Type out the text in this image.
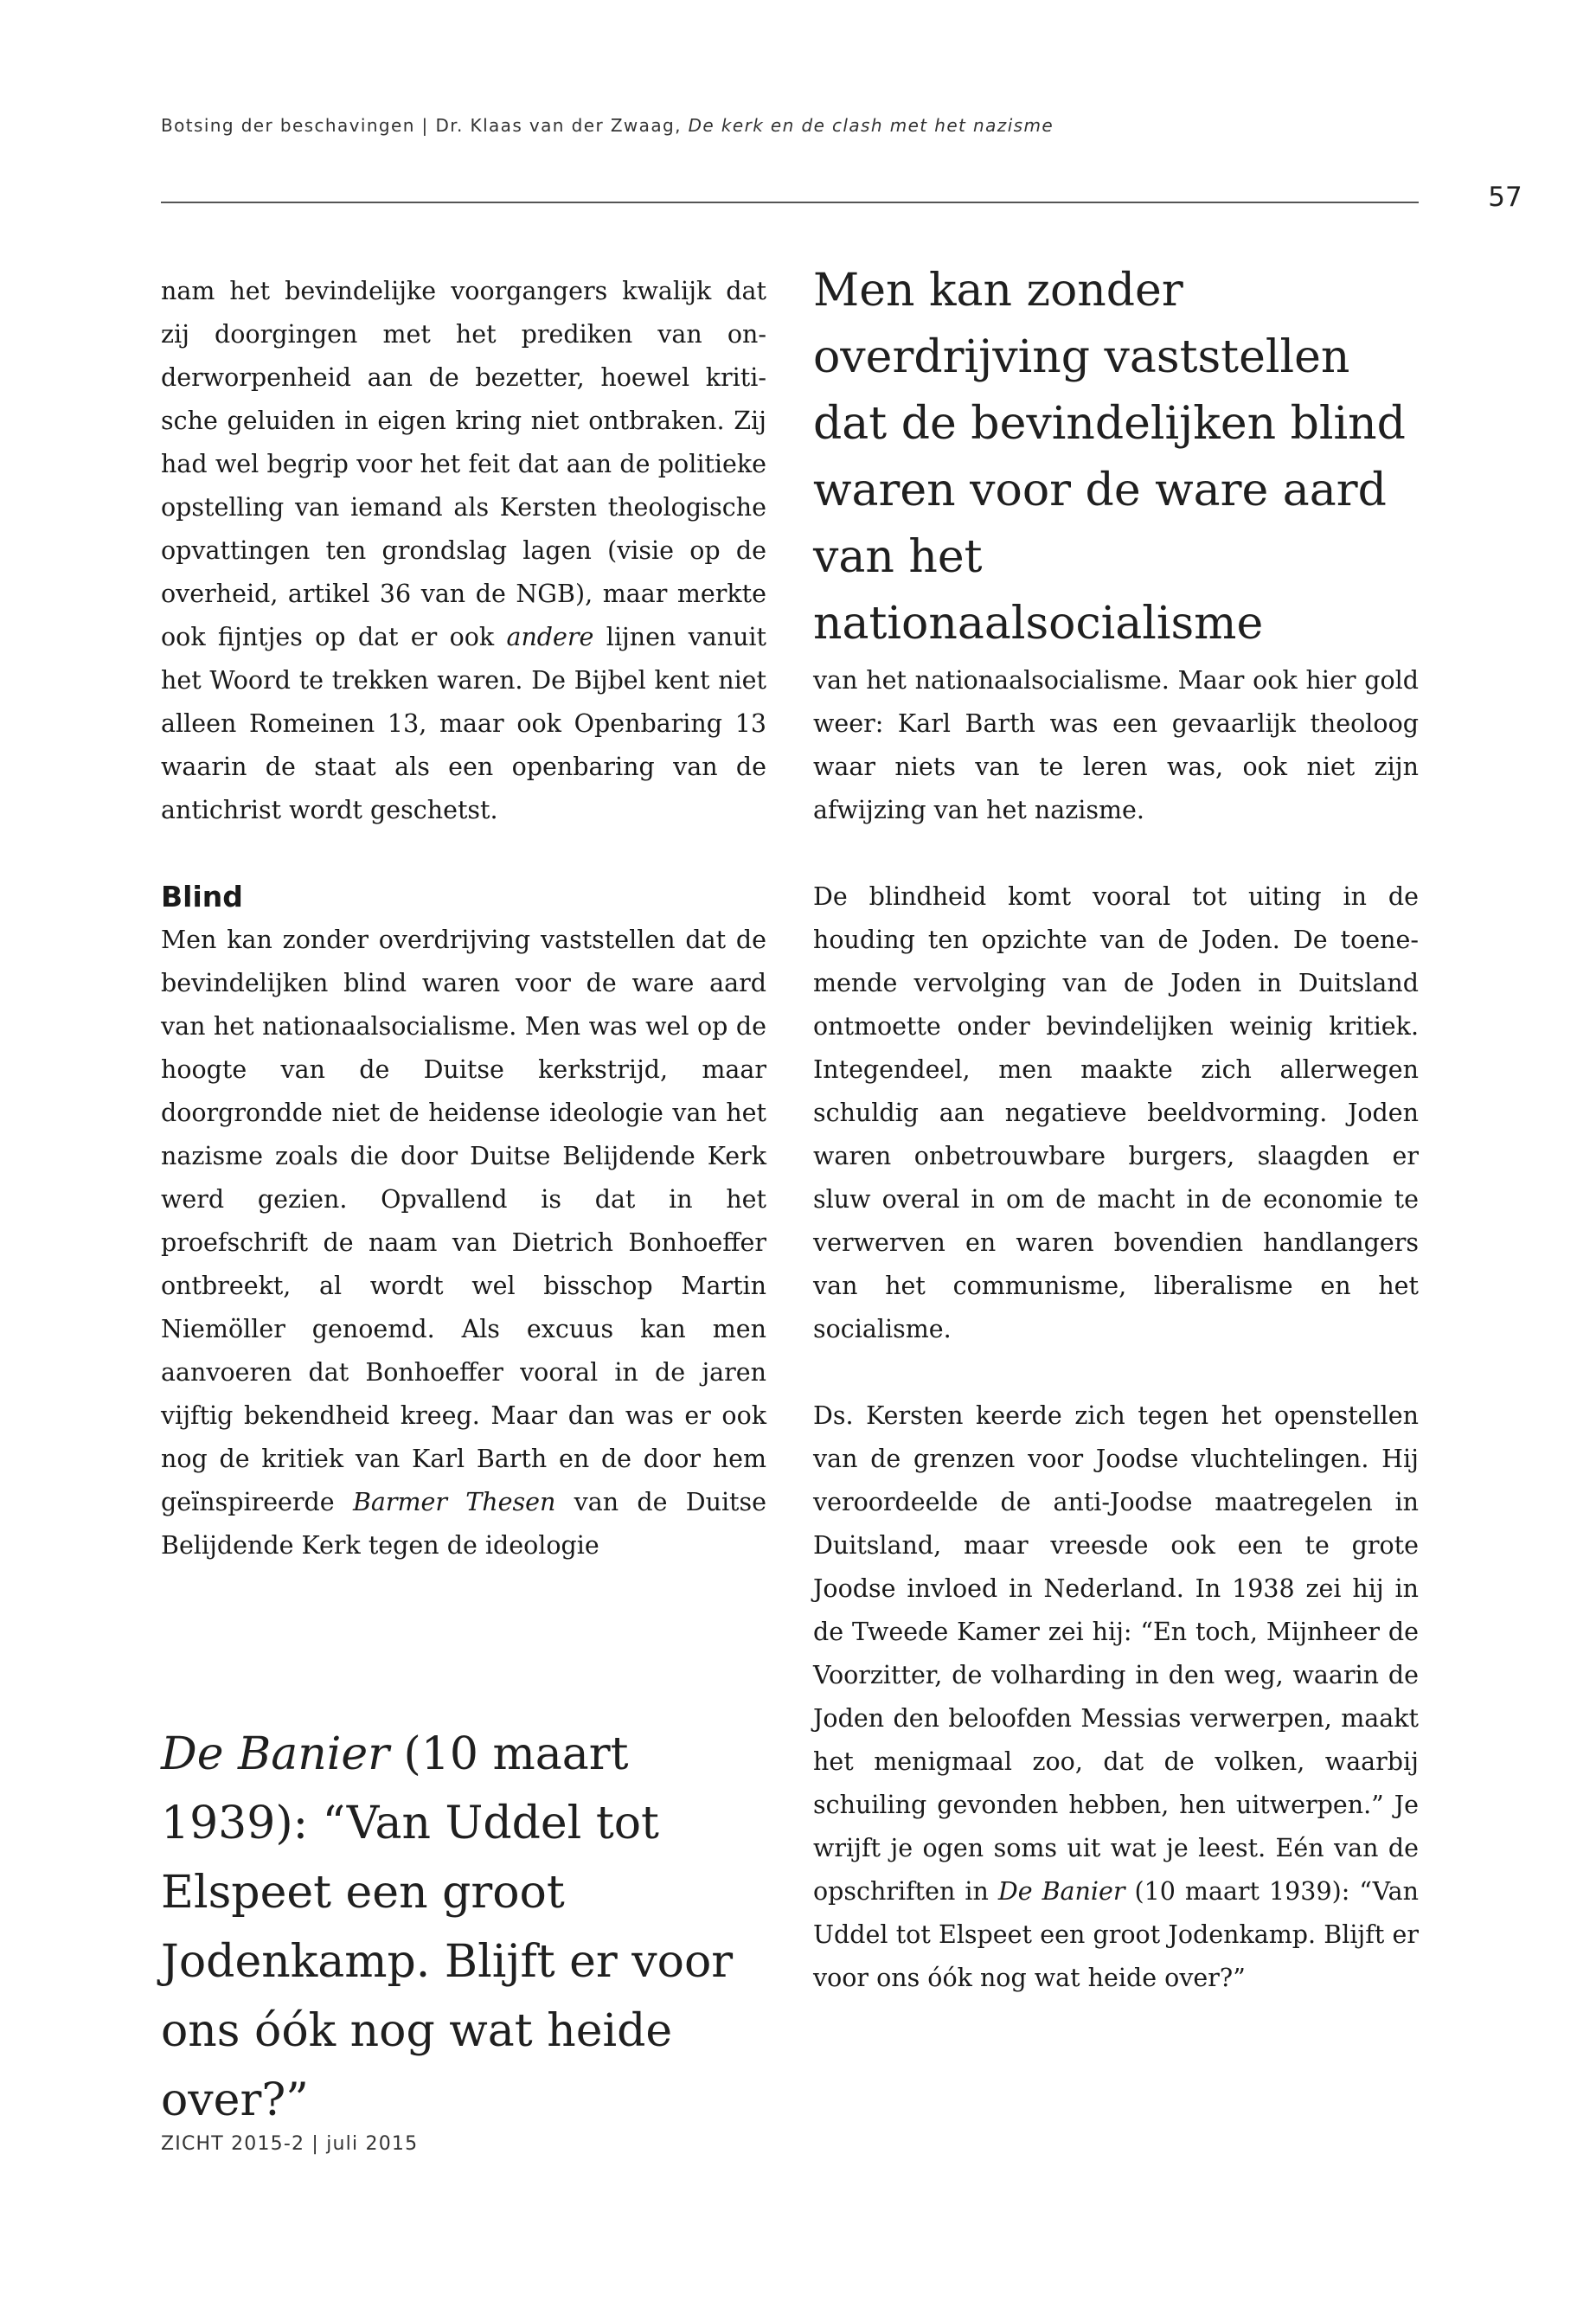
Botsing der beschavingen | Dr. Klaas van der Zwaag, De kerk en de clash met het nazisme
57

nam het bevindelijke voorgangers kwalijk dat zij doorgingen met het prediken van onderworpenheid aan de bezetter, hoewel kritische geluiden in eigen kring niet ontbraken. Zij had wel begrip voor het feit dat aan de politieke opstelling van iemand als Kersten theologische opvattingen ten grondslag lagen (visie op de overheid, artikel 36 van de NGB), maar merkte ook fijntjes op dat er ook andere lijnen vanuit het Woord te trekken waren. De Bijbel kent niet alleen Romeinen 13, maar ook Openbaring 13 waarin de staat als een openbaring van de antichrist wordt geschetst.

Blind

Men kan zonder overdrijving vaststellen dat de bevindelijken blind waren voor de ware aard van het nationaalsocialisme. Men was wel op de hoogte van de Duitse kerkstrijd, maar doorgrondde niet de heidense ideologie van het nazisme zoals die door Duitse Belijdende Kerk werd gezien. Opvallend is dat in het proefschrift de naam van Dietrich Bonhoeffer ontbreekt, al wordt wel bisschop Martin Niemöller genoemd. Als excuus kan men aanvoeren dat Bonhoeffer vooral in de jaren vijftig bekendheid kreeg. Maar dan was er ook nog de kritiek van Karl Barth en de door hem geïnspireerde Barmer Thesen van de Duitse Belijdende Kerk tegen de ideologie

Men kan zonder overdrijving vaststellen dat de bevindelijken blind waren voor de ware aard van het nationaalsocialisme

van het nationaalsocialisme. Maar ook hier gold weer: Karl Barth was een gevaarlijk theoloog waar niets van te leren was, ook niet zijn afwijzing van het nazisme.

De blindheid komt vooral tot uiting in de houding ten opzichte van de Joden. De toenemende vervolging van de Joden in Duitsland ontmoette onder bevindelijken weinig kritiek. Integendeel, men maakte zich allerwegen schuldig aan negatieve beeldvorming. Joden waren onbetrouwbare burgers, slaagden er sluw overal in om de macht in de economie te verwerven en waren bovendien handlangers van het communisme, liberalisme en het socialisme.

Ds. Kersten keerde zich tegen het openstellen van de grenzen voor Joodse vluchtelingen. Hij veroordeelde de anti-Joodse maatregelen in Duitsland, maar vreesde ook een te grote Joodse invloed in Nederland. In 1938 zei hij in de Tweede Kamer zei hij: “En toch, Mijnheer de Voorzitter, de volharding in den weg, waarin de Joden den beloofden Messias verwerpen, maakt het menigmaal zoo, dat de volken, waarbij schuiling gevonden hebben, hen uitwerpen.” Je wrijft je ogen soms uit wat je leest. Eén van de opschriften in De Banier (10 maart 1939): “Van Uddel tot Elspeet een groot Jodenkamp. Blijft er voor ons óók nog wat heide over?”

De Banier (10 maart 1939): “Van Uddel tot Elspeet een groot Jodenkamp. Blijft er voor ons óók nog wat heide over?”

ZICHT 2015-2 | juli 2015
